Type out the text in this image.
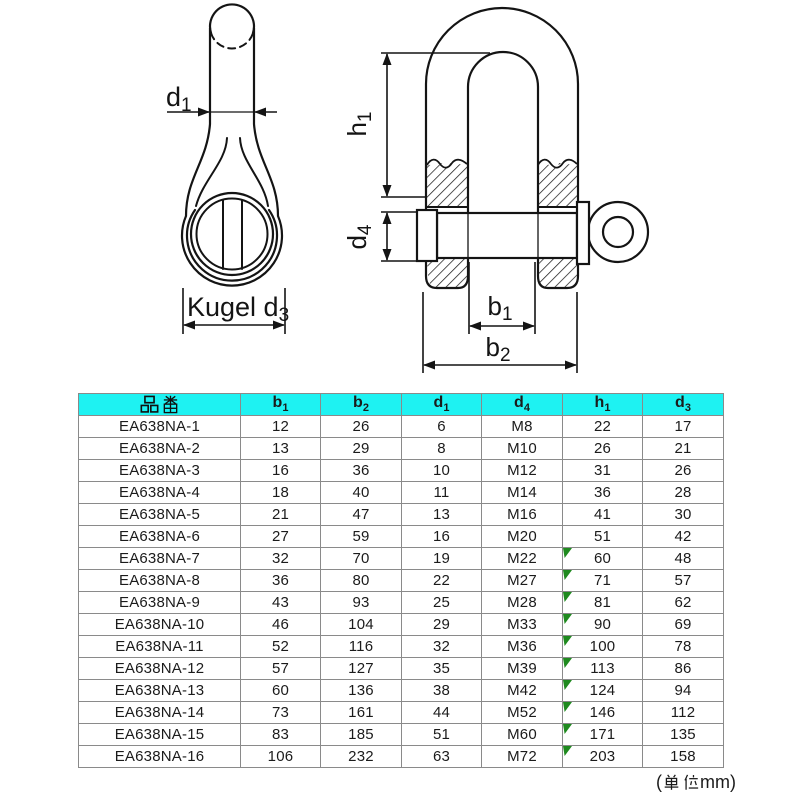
d1
Kugel d3
h1
d4
b1
b2
	$b_1$	$b_2$	$d_1$	$d_4$	$h_1$	$d_3$
EA638NA-1	12	26	6	M8	22	17
EA638NA-2	13	29	8	M10	26	21
EA638NA-3	16	36	10	M12	31	26
EA638NA-4	18	40	11	M14	36	28
EA638NA-5	21	47	13	M16	41	30
EA638NA-6	27	59	16	M20	51	42
EA638NA-7	32	70	19	M22	60	48
EA638NA-8	36	80	22	M27	71	57
EA638NA-9	43	93	25	M28	81	62
EA638NA-10	46	104	29	M33	90	69
EA638NA-11	52	116	32	M36	100	78
EA638NA-12	57	127	35	M39	113	86
EA638NA-13	60	136	38	M42	124	94
EA638NA-14	73	161	44	M52	146	112
EA638NA-15	83	185	51	M60	171	135
EA638NA-16	106	232	63	M72	203	158
( mm)
